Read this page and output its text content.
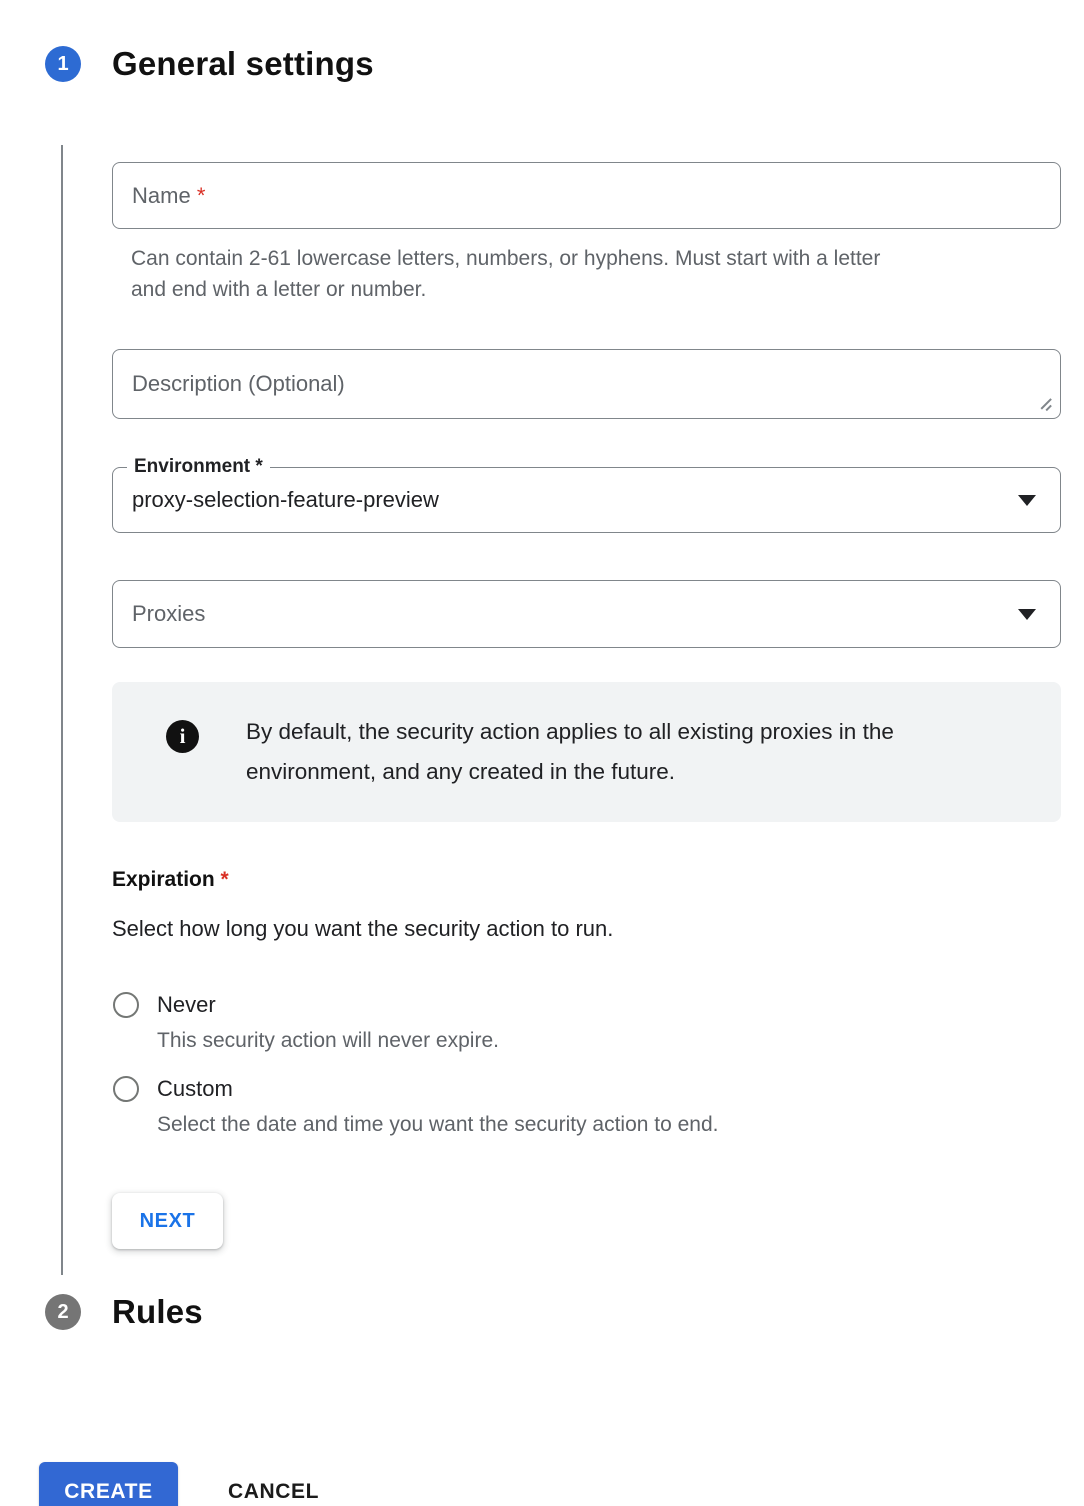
1	General settings
Name *
Can contain 2-61 lowercase letters, numbers, or hyphens. Must start with a letter
and end with a letter or number.
Description (Optional)
Environment *
proxy-selection-feature-preview
Proxies
i	By default, the security action applies to all existing proxies in the
environment, and any created in the future.
Expiration *
Select how long you want the security action to run.
Never
This security action will never expire.
Custom
Select the date and time you want the security action to end.
NEXT
2	Rules
CREATE	CANCEL
